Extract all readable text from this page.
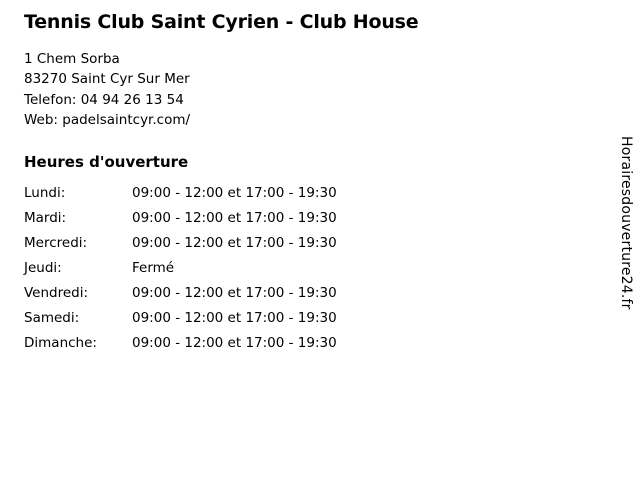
Tennis Club Saint Cyrien - Club House
1 Chem Sorba
83270 Saint Cyr Sur Mer
Telefon: 04 94 26 13 54
Web: padelsaintcyr.com/
Heures d'ouverture
Lundi:	09:00 - 12:00 et 17:00 - 19:30
Mardi:	09:00 - 12:00 et 17:00 - 19:30
Mercredi:	09:00 - 12:00 et 17:00 - 19:30
Jeudi:	Fermé
Vendredi:	09:00 - 12:00 et 17:00 - 19:30
Samedi:	09:00 - 12:00 et 17:00 - 19:30
Dimanche:	09:00 - 12:00 et 17:00 - 19:30
Horairesdouverture24.fr
